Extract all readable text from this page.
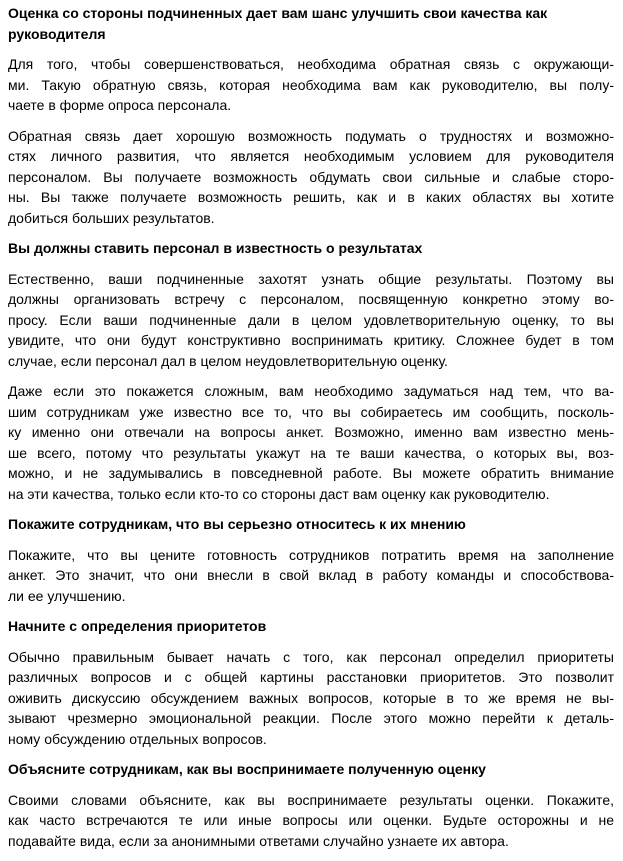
Оценка со стороны подчиненных дает вам шанс улучшить свои качества как
руководителя
Для того, чтобы совершенствоваться, необходима обратная связь с окружающи-
ми. Такую обратную связь, которая необходима вам как руководителю, вы полу-
чаете в форме опроса персонала.
Обратная связь дает хорошую возможность подумать о трудностях и возможно-
стях личного развития, что является необходимым условием для руководителя
персоналом. Вы получаете возможность обдумать свои сильные и слабые сторо-
ны. Вы также получаете возможность решить, как и в каких областях вы хотите
добиться больших результатов.
Вы должны ставить персонал в известность о результатах
Естественно, ваши подчиненные захотят узнать общие результаты. Поэтому вы
должны организовать встречу с персоналом, посвященную конкретно этому во-
просу. Если ваши подчиненные дали в целом удовлетворительную оценку, то вы
увидите, что они будут конструктивно воспринимать критику. Сложнее будет в том
случае, если персонал дал в целом неудовлетворительную оценку.
Даже если это покажется сложным, вам необходимо задуматься над тем, что ва-
шим сотрудникам уже известно все то, что вы собираетесь им сообщить, посколь-
ку именно они отвечали на вопросы анкет. Возможно, именно вам известно мень-
ше всего, потому что результаты укажут на те ваши качества, о которых вы, воз-
можно, и не задумывались в повседневной работе. Вы можете обратить внимание
на эти качества, только если кто-то со стороны даст вам оценку как руководителю.
Покажите сотрудникам, что вы серьезно относитесь к их мнению
Покажите, что вы цените готовность сотрудников потратить время на заполнение
анкет. Это значит, что они внесли в свой вклад в работу команды и способствова-
ли ее улучшению.
Начните с определения приоритетов
Обычно правильным бывает начать с того, как персонал определил приоритеты
различных вопросов и с общей картины расстановки приоритетов. Это позволит
оживить дискуссию обсуждением важных вопросов, которые в то же время не вы-
зывают чрезмерно эмоциональной реакции. После этого можно перейти к деталь-
ному обсуждению отдельных вопросов.
Объясните сотрудникам, как вы воспринимаете полученную оценку
Своими словами объясните, как вы воспринимаете результаты оценки. Покажите,
как часто встречаются те или иные вопросы или оценки. Будьте осторожны и не
подавайте вида, если за анонимными ответами случайно узнаете их автора.
